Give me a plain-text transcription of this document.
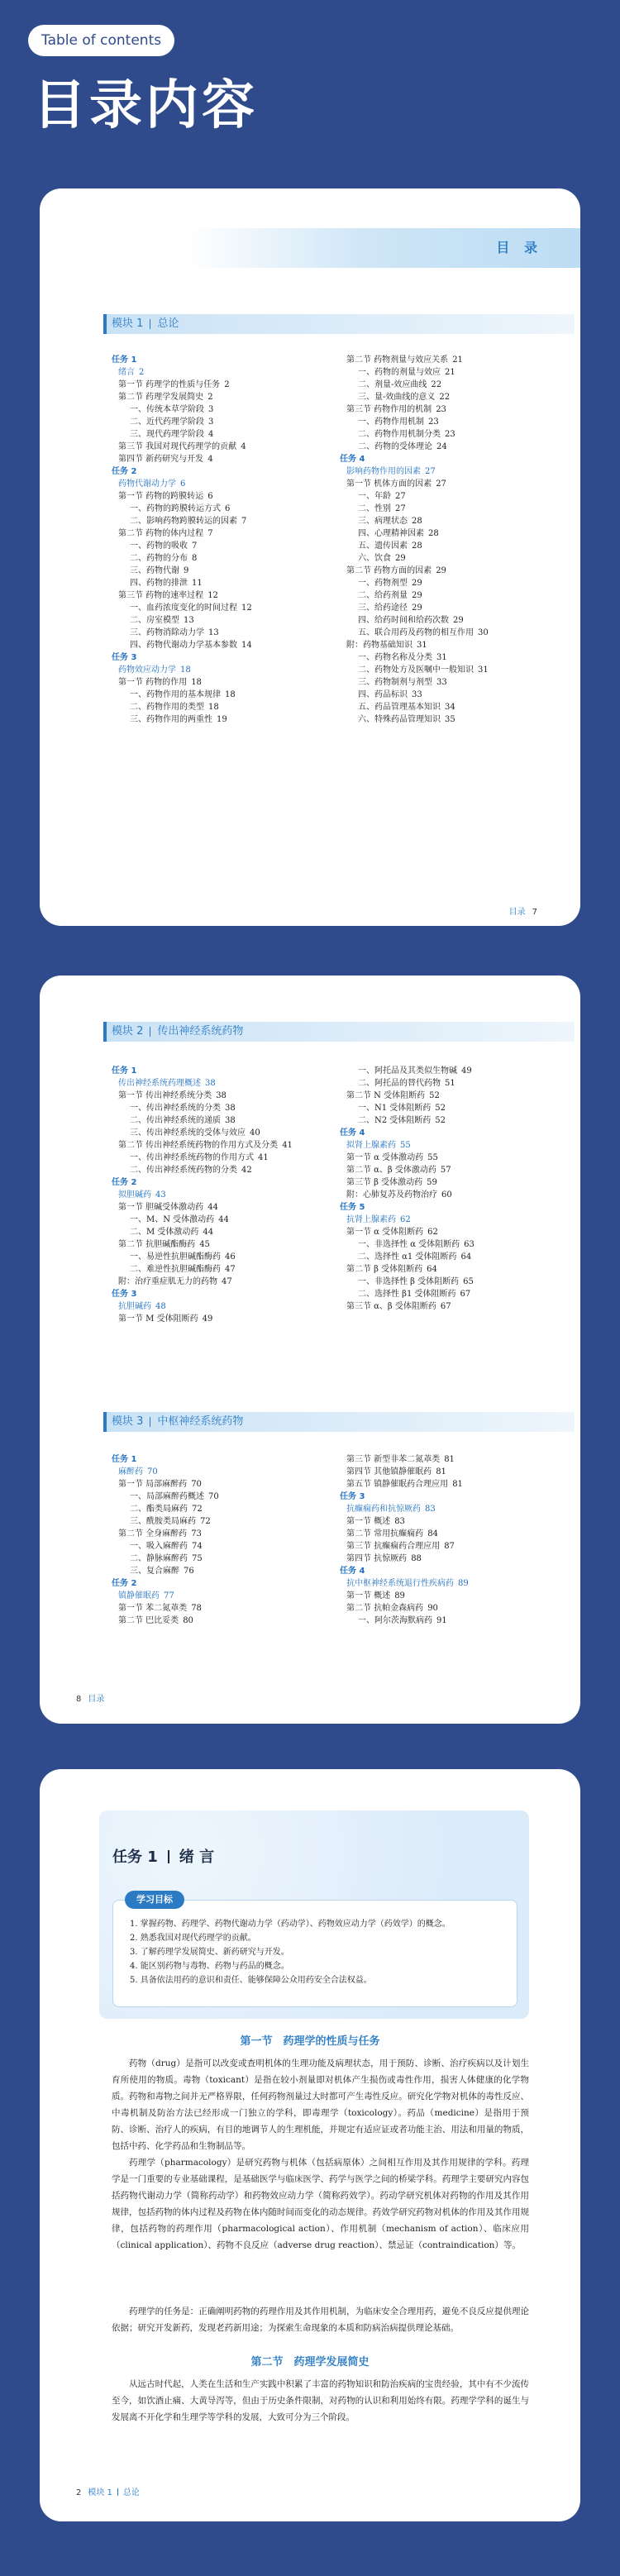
Table of contents
目录内容
目 录
模块 1 总论
任务 1
绪言 2
第一节 药理学的性质与任务 2
第二节 药理学发展简史 2
一、传统本草学阶段 3
二、近代药理学阶段 3
三、现代药理学阶段 4
第三节 我国对现代药理学的贡献 4
第四节 新药研究与开发 4
任务 2
药物代谢动力学 6
第一节 药物的跨膜转运 6
一、药物的跨膜转运方式 6
二、影响药物跨膜转运的因素 7
第二节 药物的体内过程 7
一、药物的吸收 7
二、药物的分布 8
三、药物代谢 9
四、药物的排泄 11
第三节 药物的速率过程 12
一、血药浓度变化的时间过程 12
二、房室模型 13
三、药物消除动力学 13
四、药物代谢动力学基本参数 14
任务 3
药物效应动力学 18
第一节 药物的作用 18
一、药物作用的基本规律 18
二、药物作用的类型 18
三、药物作用的两重性 19
第二节 药物剂量与效应关系 21
一、药物的剂量与效应 21
二、剂量-效应曲线 22
三、量-效曲线的意义 22
第三节 药物作用的机制 23
一、药物作用机制 23
二、药物作用机制分类 23
二、药物的受体理论 24
任务 4
影响药物作用的因素 27
第一节 机体方面的因素 27
一、年龄 27
二、性别 27
三、病理状态 28
四、心理精神因素 28
五、遗传因素 28
六、饮食 29
第二节 药物方面的因素 29
一、药物剂型 29
二、给药剂量 29
三、给药途径 29
四、给药时间和给药次数 29
五、联合用药及药物的相互作用 30
附：药物基础知识 31
一、药物名称及分类 31
二、药物处方及医嘱中一般知识 31
三、药物制剂与剂型 33
四、药品标识 33
五、药品管理基本知识 34
六、特殊药品管理知识 35
目录 7
模块 2 传出神经系统药物
任务 1
传出神经系统药理概述 38
第一节 传出神经系统分类 38
一、传出神经系统的分类 38
二、传出神经系统的递质 38
三、传出神经系统的受体与效应 40
第二节 传出神经系统药物的作用方式及分类 41
一、传出神经系统药物的作用方式 41
二、传出神经系统药物的分类 42
任务 2
拟胆碱药 43
第一节 胆碱受体激动药 44
一、M、N 受体激动药 44
二、M 受体激动药 44
第二节 抗胆碱酯酶药 45
一、易逆性抗胆碱酯酶药 46
二、难逆性抗胆碱酯酶药 47
附：治疗重症肌无力的药物 47
任务 3
抗胆碱药 48
第一节 M 受体阻断药 49
一、阿托品及其类似生物碱 49
二、阿托品的替代药物 51
第二节 N 受体阻断药 52
一、N1 受体阻断药 52
二、N2 受体阻断药 52
任务 4
拟肾上腺素药 55
第一节 α 受体激动药 55
第二节 α、β 受体激动药 57
第三节 β 受体激动药 59
附：心肺复苏及药物治疗 60
任务 5
抗肾上腺素药 62
第一节 α 受体阻断药 62
一、非选择性 α 受体阻断药 63
二、选择性 α1 受体阻断药 64
第二节 β 受体阻断药 64
一、非选择性 β 受体阻断药 65
二、选择性 β1 受体阻断药 67
第三节 α、β 受体阻断药 67
模块 3 中枢神经系统药物
任务 1
麻醉药 70
第一节 局部麻醉药 70
一、局部麻醉药概述 70
二、酯类局麻药 72
三、酰胺类局麻药 72
第二节 全身麻醉药 73
一、吸入麻醉药 74
二、静脉麻醉药 75
三、复合麻醉 76
任务 2
镇静催眠药 77
第一节 苯二氮䓬类 78
第二节 巴比妥类 80
第三节 新型非苯二氮䓬类 81
第四节 其他镇静催眠药 81
第五节 镇静催眠药合理应用 81
任务 3
抗癫痫药和抗惊厥药 83
第一节 概述 83
第二节 常用抗癫痫药 84
第三节 抗癫痫药合理应用 87
第四节 抗惊厥药 88
任务 4
抗中枢神经系统退行性疾病药 89
第一节 概述 89
第二节 抗帕金森病药 90
一、阿尔茨海默病药 91
8 目录
任务 1 绪 言
学习目标
1. 掌握药物、药理学、药物代谢动力学（药动学）、药物效应动力学（药效学）的概念。
2. 熟悉我国对现代药理学的贡献。
3. 了解药理学发展简史、新药研究与开发。
4. 能区别药物与毒物、药物与药品的概念。
5. 具备依法用药的意识和责任、能够保障公众用药安全合法权益。
第一节　药理学的性质与任务
药物（drug）是指可以改变或查明机体的生理功能及病理状态，用于预防、诊断、治疗疾病以及计划生育所使用的物质。毒物（toxicant）是指在较小剂量即对机体产生损伤或毒性作用，损害人体健康的化学物质。药物和毒物之间并无严格界限，任何药物剂量过大时都可产生毒性反应。研究化学物对机体的毒性反应、中毒机制及防治方法已经形成一门独立的学科，即毒理学（toxicology）。药品（medicine）是指用于预防、诊断、治疗人的疾病，有目的地调节人的生理机能，并规定有适应证或者功能主治、用法和用量的物质，包括中药、化学药品和生物制品等。
药理学（pharmacology）是研究药物与机体（包括病原体）之间相互作用及其作用规律的学科。药理学是一门重要的专业基础课程，是基础医学与临床医学、药学与医学之间的桥梁学科。药理学主要研究内容包括药物代谢动力学（简称药动学）和药物效应动力学（简称药效学）。药动学研究机体对药物的作用及其作用规律，包括药物的体内过程及药物在体内随时间而变化的动态规律。药效学研究药物对机体的作用及其作用规律，包括药物的药理作用（pharmacological action）、作用机制（mechanism of action）、临床应用（clinical application）、药物不良反应（adverse drug reaction）、禁忌证（contraindication）等。
药理学的任务是：正确阐明药物的药理作用及其作用机制，为临床安全合理用药，避免不良反应提供理论依据；研究开发新药，发现老药新用途；为探索生命现象的本质和防病治病提供理论基础。
第二节　药理学发展简史
从远古时代起，人类在生活和生产实践中积累了丰富的药物知识和防治疾病的宝贵经验，其中有不少流传至今，如饮酒止痛、大黄导泻等，但由于历史条件限制，对药物的认识和利用始终有限。药理学学科的诞生与发展离不开化学和生理学等学科的发展，大致可分为三个阶段。
2 模块 1 总论
